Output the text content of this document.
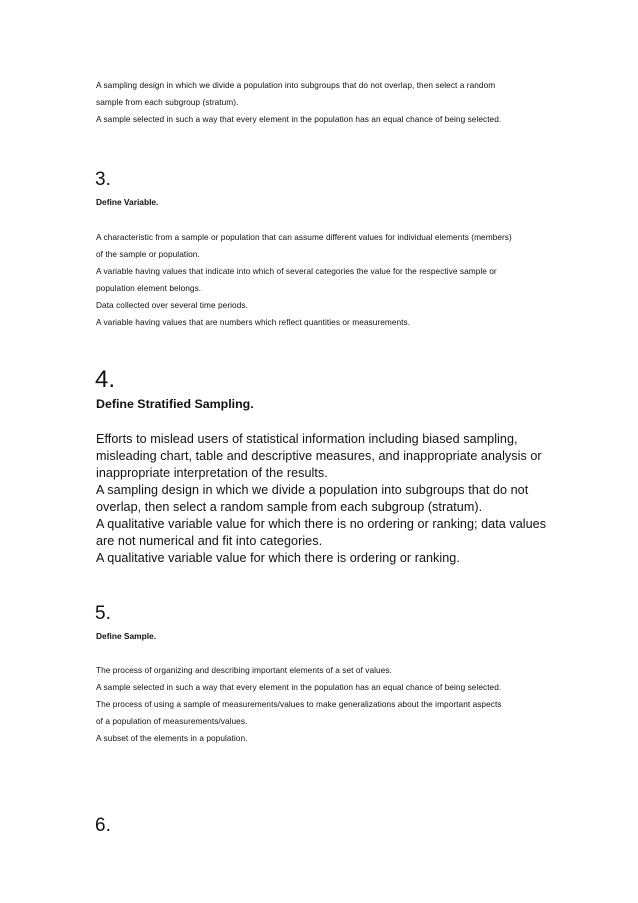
A sampling design in which we divide a population into subgroups that do not overlap, then select a random

sample from each subgroup (stratum).

A sample selected in such a way that every element in the population has an equal chance of being selected.

3.
Define Variable.

A characteristic from a sample or population that can assume different values for individual elements (members)

of the sample or population.

A variable having values that indicate into which of several categories the value for the respective sample or

population element belongs.

Data collected over several time periods.

A variable having values that are numbers which reflect quantities or measurements.

4.
Define Stratified Sampling.

Efforts to mislead users of statistical information including biased sampling,

misleading chart, table and descriptive measures, and inappropriate analysis or

inappropriate interpretation of the results.

A sampling design in which we divide a population into subgroups that do not

overlap, then select a random sample from each subgroup (stratum).

A qualitative variable value for which there is no ordering or ranking; data values

are not numerical and fit into categories.

A qualitative variable value for which there is ordering or ranking.

5.
Define Sample.

The process of organizing and describing important elements of a set of values.

A sample selected in such a way that every element in the population has an equal chance of being selected.

The process of using a sample of measurements/values to make generalizations about the important aspects

of a population of measurements/values.

A subset of the elements in a population.

6.
